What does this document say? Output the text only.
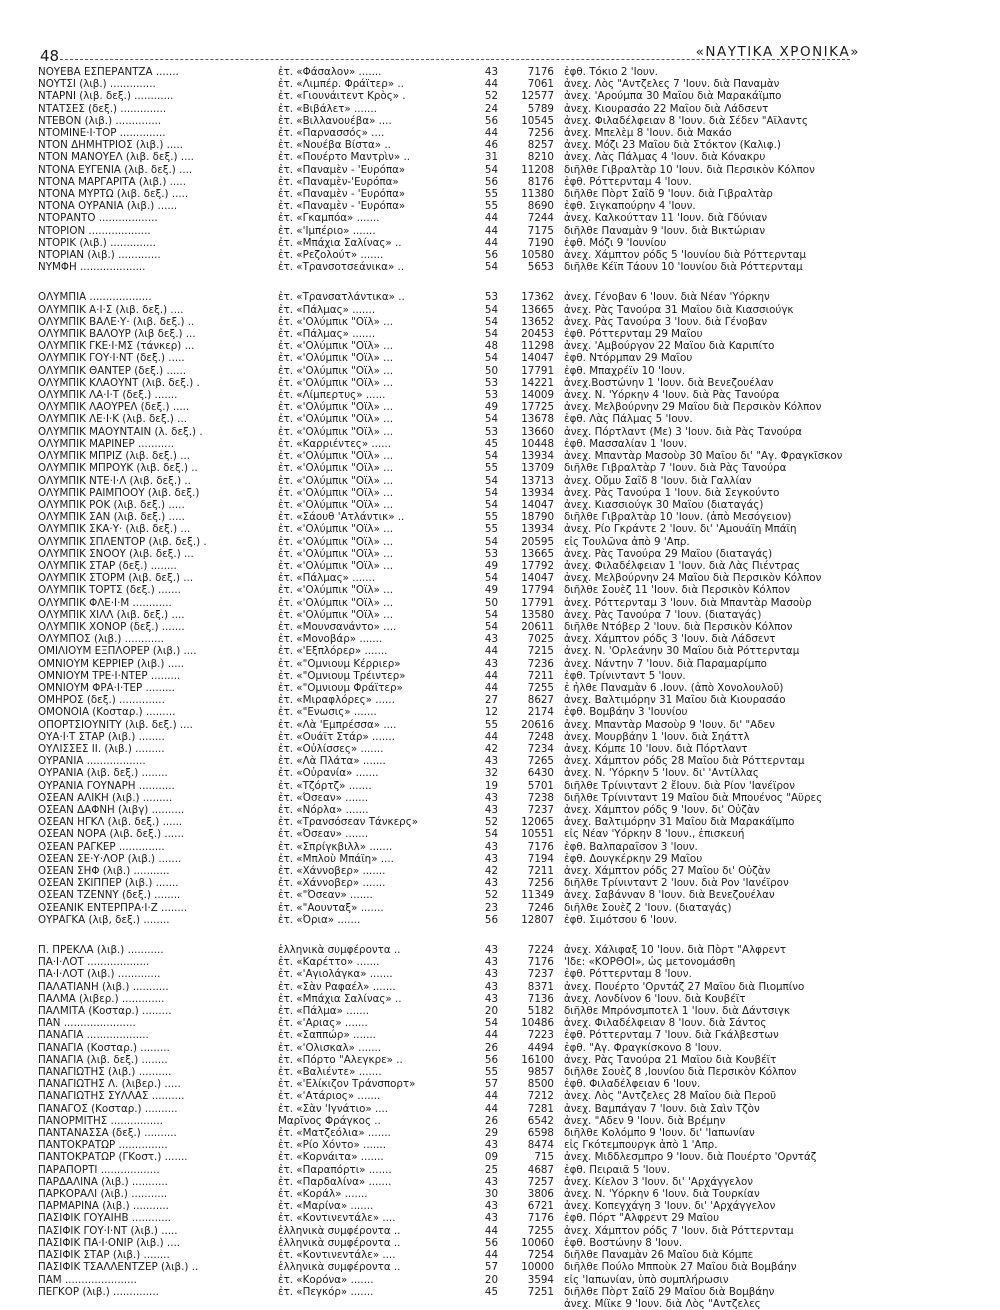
48	«ΝΑΥΤΙΚΑ ΧΡΟΝΙΚΑ»
ΝΟΥΕΒΑ ΕΣΠΕΡΑΝΤΖΑ .......	ἐτ. «Φάσαλον» .......	43	7176	ἐφθ. Τόκιο 2 'Ιουν.
ΝΟΥΤΣΙ (λιβ.) ..............	ἐτ. «Λιμπέρ. Φράϊτερ» ..	44	7061	ἀνεχ. Λὸς "Αντζελες 7 'Ιουν. διὰ Παναμὰν
ΝΤΑΡΝΙ (λιβ. δεξ.) ............	ἐτ. «Γιουνάιτεντ Κρὸς» .	52	12577	ἀνεχ. 'Αρούμπα 30 Μαΐου διὰ Μαρακάϊμπο
ΝΤΑΤΣΕΣ (δεξ.) ..............	ἐτ. «Βιβάλετ» .......	24	5789	ἀνεχ. Κιουρασάο 22 Μαΐου διὰ Λάδσεντ
ΝΤΕΒΟΝ (λιβ.) ..............	ἐτ. «Βιλλανουέβα» ....	56	10545	ἀνεχ. Φιλαδέλφειαν 8 'Ιουν. διὰ Σέδεν "Αϊλαντς
ΝΤΟΜΙΝΕ·Ι·ΤΟΡ ..............	ἐτ. «Παρνασσός» ....	44	7256	ἀνεχ. Μπελὲμ 8 'Ιουν. διὰ Μακάο
ΝΤΟΝ ΔΗΜΗΤΡΙΟΣ (λιβ.) .....	ἐτ. «Νουέβα Βίστα» ..	46	8257	ἀνεχ. Μόζι 23 Μαΐου διὰ Στόκτον (Καλιφ.)
ΝΤΟΝ ΜΑΝΟΥΕΛ (λιβ. δεξ.) ....	ἐτ. «Πουέρτο Μαντρὶν» ..	31	8210	ἀνεχ. Λὰς Πάλμας 4 'Ιουν. διὰ Κόνακρυ
ΝΤΟΝΑ ΕΥΓΕΝΙΑ (λιβ. δεξ.) ....	ἐτ. «Παναμὲν - 'Ευρόπα»	54	11208	διῆλθε Γιβραλτὰρ 10 'Ιουν. διὰ Περσικὸν Κόλπον
ΝΤΟΝΑ ΜΑΡΓΑΡΙΤΑ (λιβ.) .....	ἐτ. «Παναμὲν-'Ευρόπα»	56	8176	ἐφθ. Ρόττερνταμ 4 'Ιουν.
ΝΤΟΝΑ ΜΥΡΤΩ (λιβ. δεξ.) .....	ἐτ. «Παναμὲν - 'Ευρόπα»	55	11380	διῆλθε Πὸρτ Σαῒδ 9 'Ιουν. διὰ Γιβραλτὰρ
ΝΤΟΝΑ ΟΥΡΑΝΙΑ (λιβ.) ......	ἐτ. «Παναμὲν - 'Ευρόπα»	55	8690	ἐφθ. Σιγκαπούρην 4 'Ιουν.
ΝΤΟΡΑΝΤΟ ..................	ἐτ. «Γκαμπόα» .......	44	7244	ἀνεχ. Καλκούτταν 11 'Ιουν. διὰ Γδύνιαν
ΝΤΟΡΙΟΝ ...................	ἐτ. «'Ιμπέριο» .......	44	7175	διῆλθε Παναμὰν 9 'Ιουν. διὰ Βικτώριαν
ΝΤΟΡΙΚ (λιβ.) ..............	ἐτ. «Μπάχια Σαλίνας» ..	44	7190	ἐφθ. Μόζι 9 'Ιουνίου
ΝΤΟΡΙΑΝ (λιβ.) .............	ἐτ. «Ρεζολούτ» .......	56	10580	ἀνεχ. Χάμπτον ρόδς 5 'Ιουνίου διὰ Ρόττερνταμ
ΝΥΜΦΗ ....................	ἐτ. «Τρανσοτσεάνικα» ..	54	5653	διῆλθε Κέϊπ Τάουν 10 'Ιουνίου διὰ Ρόττερνταμ

ΟΛΥΜΠΙΑ ...................	ἐτ. «Τρανσατλάντικα» ..	53	17362	ἀνεχ. Γένοβαν 6 'Ιουν. διὰ Νέαν 'Υόρκην
ΟΛΥΜΠΙΚ Α·Ι·Σ (λιβ. δεξ.) ....	ἐτ. «Πάλμας» .......	54	13665	ἀνεχ. Ρὰς Τανούρα 31 Μαΐου διὰ Κιασσιούγκ
ΟΛΥΜΠΙΚ ΒΑΛΕ·Υ· (λιβ. δεξ.) ..	ἐτ. «'Ολύμπικ "Οϊλ» ...	54	13652	ἀνεχ. Ρὰς Τανούρα 3 'Ιουν. διὰ Γένοβαν
ΟΛΥΜΠΙΚ ΒΑΛΟΥΡ (λιβ δεξ.) ...	ἐτ. «Πάλμας» .......	54	20453	ἐφθ. Ρόττερνταμ 29 Μαΐου
ΟΛΥΜΠΙΚ ΓΚΕ·Ι·ΜΣ (τάνκερ) ...	ἐτ. «'Ολύμπικ "Οϊλ» ...	48	11298	ἀνεχ. 'Αμβούργον 22 Μαΐου διὰ Καριπίτο
ΟΛΥΜΠΙΚ ΓΟΥ·Ι·ΝΤ (δεξ.) .....	ἐτ. «'Ολύμπικ "Οϊλ» ...	54	14047	ἐφθ. Ντόρμπαν 29 Μαΐου
ΟΛΥΜΠΙΚ ΘΑΝΤΕΡ (δεξ.) ......	ἐτ. «'Ολύμπικ "Οϊλ» ...	50	17791	ἐφθ. Μπαχρέϊν 10 'Ιουν.
ΟΛΥΜΠΙΚ ΚΛΑΟΥΝΤ (λιβ. δεξ.) .	ἐτ. «'Ολύμπικ "Οϊλ» ...	53	14221	ἀνεχ.Βοστώνην 1 'Ιουν. διὰ Βενεζουέλαν
ΟΛΥΜΠΙΚ ΛΑ·Ι·Τ (δεξ.) .......	ἐτ. «Λίμπερτυς» ......	53	14009	ἀνεχ. Ν. 'Υόρκην 4 'Ιουν. διὰ Ρὰς Τανούρα
ΟΛΥΜΠΙΚ ΛΑΟΥΡΕΛ (δεξ.) .....	ἐτ. «'Ολύμπικ "Οϊλ» ...	49	17725	ἀνεχ. Μελβούρνην 29 Μαΐου διὰ Περσικὸν Κόλπον
ΟΛΥΜΠΙΚ ΛΕ·Ι·Κ (λιβ. δεξ.) ...	ἐτ. «'Ολύμπικ "Οϊλ» ...	54	13678	ἐφθ. Λὰς Πάλμας 5 'Ιουν.
ΟΛΥΜΠΙΚ ΜΑΟΥΝΤΑΙΝ (λ. δεξ.) .	ἐτ. «'Ολύμπικ "Οϊλ» ...	53	13660	ἀνεχ. Πόρτλαντ (Με) 3 'Ιουν. διὰ Ρὰς Τανούρα
ΟΛΥΜΠΙΚ ΜΑΡΙΝΕΡ ...........	ἐτ. «Καρριέντες» ......	45	10448	ἐφθ. Μασσαλίαν 1 'Ιουν.
ΟΛΥΜΠΙΚ ΜΠΡΙΖ (λιβ. δεξ.) ...	ἐτ. «'Ολύμπικ "Οϊλ» ...	54	13934	ἀνεχ. Μπαντὰρ Μασοὺρ 30 Μαΐου δι' "Αγ. Φραγκῖσκον
ΟΛΥΜΠΙΚ ΜΠΡΟΥΚ (λιβ. δεξ.) ..	ἐτ. «'Ολύμπικ "Οϊλ» ...	55	13709	διῆλθε Γιβραλτὰρ 7 'Ιουν. διὰ Ρὰς Τανούρα
ΟΛΥΜΠΙΚ ΝΤΕ·Ι·Λ (λιβ. δεξ.) ..	ἐτ. «'Ολύμπικ "Οϊλ» ...	54	13713	ἀνεχ. Οὔμυ Σαῒδ 8 'Ιουν. διὰ Γαλλίαν
ΟΛΥΜΠΙΚ ΡΑΙΜΠΟΟΥ (λιβ. δεξ.)	ἐτ. «'Ολύμπικ "Οϊλ» ...	54	13934	ἀνεχ. Ρὰς Τανούρα 1 'Ιουν. διὰ Σεγκούντο
ΟΛΥΜΠΙΚ ΡΟΚ (λιβ. δεξ.) .....	ἐτ. «'Ολύμπικ "Οϊλ» ...	54	14047	ἀνεχ. Κιασσιούγκ 30 Μαΐου (διαταγάς)
ΟΛΥΜΠΙΚ ΣΑΝ (λιβ. δεξ.) .....	ἐτ. «Σάουθ 'Ατλάντικ» ..	55	18790	διῆλθε Γιβραλτὰρ 10 'Ιουν. (ἀπὸ Μεσόγειον)
ΟΛΥΜΠΙΚ ΣΚΑ·Υ· (λιβ. δεξ.) ...	ἐτ. «'Ολύμπικ "Οϊλ» ...	55	13934	ἀνεχ. Ρίο Γκράντε 2 'Ιουν. δι' 'Αμουάϊη Μπάϊη
ΟΛΥΜΠΙΚ ΣΠΛΕΝΤΟΡ (λιβ. δεξ.) .	ἐτ. «'Ολύμπικ "Οϊλ» ...	54	20595	εἰς Τουλῶνα ἀπὸ 9 'Απρ.
ΟΛΥΜΠΙΚ ΣΝΟΟΥ (λιβ. δεξ.) ...	ἐτ. «'Ολύμπικ "Οϊλ» ...	53	13665	ἀνεχ. Ρὰς Τανούρα 29 Μαΐου (διαταγάς)
ΟΛΥΜΠΙΚ ΣΤΑΡ (δεξ.) ........	ἐτ. «'Ολύμπικ "Οϊλ» ...	49	17792	ἀνεχ. Φιλαδέλφειαν 1 'Ιουν. διὰ Λὰς Πιέντρας
ΟΛΥΜΠΙΚ ΣΤΟΡΜ (λιβ. δεξ.) ...	ἐτ. «Πάλμας» .......	54	14047	ἀνεχ. Μελβούρνην 24 Μαΐου διὰ Περσικὸν Κόλπον
ΟΛΥΜΠΙΚ ΤΟΡΤΣ (δεξ.) .......	ἐτ. «'Ολύμπικ "Οϊλ» ...	49	17794	διῆλθε Σουὲζ 11 'Ιουν. διὰ Περσικὸν Κόλπον
ΟΛΥΜΠΙΚ ΦΛΕ·Ι·Μ ............	ἐτ. «'Ολύμπικ "Οϊλ» ...	50	17791	ἀνεχ. Ρόττερνταμ 3 'Ιουν. διὰ Μπαντὰρ Μασοὺρ
ΟΛΥΜΠΙΚ ΧΙΛΛ (λιβ. δεξ.) ....	ἐτ. «'Ολύμπικ "Οϊλ» ...	54	13580	ἀνεχ. Ρὰς Τανούρα 7 'Ιουν. (διαταγάς)
ΟΛΥΜΠΙΚ ΧΟΝΟΡ (δεξ.) .......	ἐτ. «Μουνσανάντο» ....	54	20611	διῆλθε Ντόβερ 2 'Ιουν. διὰ Περσικὸν Κόλπον
ΟΛΥΜΠΟΣ (λιβ.) ............	ἐτ. «Μονοβάρ» .......	43	7025	ἀνεχ. Χάμπτον ρόδς 3 'Ιουν. διὰ Λάδσεντ
ΟΜΙΛΙΟΥΜ ΕΞΠΛΟΡΕΡ (λιβ.) ....	ἐτ. «'Εξπλόρερ» .......	44	7215	ἀνεχ. Ν. 'Ορλεάνην 30 Μαΐου διὰ Ρόττερνταμ
ΟΜΝΙΟΥΜ ΚΕΡΡΙΕΡ (λιβ.) .....	ἐτ. «"Ομνιουμ Κέρριερ»	43	7236	ἀνεχ. Νάντην 7 'Ιουν. διὰ Παραμαρίμπο
ΟΜΝΙΟΥΜ ΤΡΕ·Ι·ΝΤΕΡ .........	ἐτ. «"Ομνιουμ Τρέιντερ»	44	7211	ἐφθ. Τρίνινταντ 5 'Ιουν.
ΟΜΝΙΟΥΜ ΦΡΑ·Ι·ΤΕΡ .........	ἐτ. «"Ομνιουμ Φράϊτερ»	44	7255	ἐ ἦλθε Παναμὰν 6 .Ιουν. (ἀπὸ Χονολουλοῦ)
ΟΜΗΡΟΣ (δεξ.) ..............	ἐτ. «Μιραφλόρες» ......	27	8627	ἀνεχ. Βαλτιμόρην 31 Μαΐου διὰ Κιουρασάο
ΟΜΟΝΟΙΑ (Κοσταρ.) .........	ἐτ. «"Ενωσις» .......	12	2174	ἐφθ. Βομβάην 3 'Ιουνίου
ΟΠΟΡΤΣΙΟΥΝΙΤΥ (λιβ. δεξ.) ....	ἐτ. «Λὰ 'Εμπρέσσα» ....	55	20616	ἀνεχ. Μπαντὰρ Μασοὺρ 9 'Ιουν. δι' "Αδεν
ΟΥΑ·Ι·Τ ΣΤΑΡ (λιβ.) ........	ἐτ. «Ουάϊτ Στάρ» .......	44	7248	ἀνεχ. Μουρβάην 1 'Ιουν. διὰ Σηάττλ
ΟΥΛΙΣΣΕΣ ΙΙ. (λιβ.) .........	ἐτ. «Οὐλίσσες» .......	42	7234	ἀνεχ. Κόμπε 10 'Ιουν. διὰ Πόρτλαντ
ΟΥΡΑΝΙΑ ..................	ἐτ. «Λὰ Πλάτα» .......	43	7265	ἀνεχ. Χάμπτον ρόδς 28 Μαΐου διὰ Ρόττερνταμ
ΟΥΡΑΝΙΑ (λιβ. δεξ.) ........	ἐτ. «Οὐρανία» .......	32	6430	ἀνεχ. Ν. 'Υόρκην 5 'Ιουν. δι' 'Αντίλλας
ΟΥΡΑΝΙΑ ΓΟΥΝΑΡΗ ...........	ἐτ. «Τζόρτζ» .......	19	5701	διῆλθε Τρίνινταντ 2 ἔΙουν. διὰ Ρίον 'Ιανέϊρον
ΟΣΕΑΝ ΑΛΙΚΗ (λιβ.) .........	ἐτ. «Όσεαν» .......	43	7238	διῆλθε Τρίνινταντ 19 Μαΐου διὰ Μπουένος "Αϋρες
ΟΣΕΑΝ ΔΑΦΝΗ (λιβγ) ..........	ἐτ. «Νόρλα» .......	43	7237	ἀνεχ. Χάμπτον ρόδς 9 'Ιουν. δι' Οὐζὰν
ΟΣΕΑΝ ΗΓΚΛ (λιβ. δεξ.) ......	ἐτ. «Τρανσόσεαν Τάνκερς»	52	12065	ἀνεχ. Βαλτιμόρην 31 Μαΐου διὰ Μαρακάϊμπο
ΟΣΕΑΝ ΝΟΡΑ (λιβ. δεξ.) ......	ἐτ. «Όσεαν» .......	54	10551	εἰς Νέαν 'Υόρκην 8 'Ιουν., ἐπισκευή
ΟΣΕΑΝ ΡΑΓΚΕΡ ..............	ἐτ. «Σπρίγκβιλλ» .......	43	7176	ἐφθ. Βαλπαραΐσον 3 'Ιουν.
ΟΣΕΑΝ ΣΕ·Υ·ΛΟΡ (λιβ.) .......	ἐτ. «Μπλοὺ Μπάϊη» ....	43	7194	ἐφθ. Δουγκέρκην 29 Μαΐου
ΟΣΕΑΝ ΣΗΦ (λιβ.) ...........	ἐτ. «Χάννοβερ» .......	42	7211	ἀνεχ. Χάμπτον ρόδς 27 Μαΐου δι' Οὐζὰν
ΟΣΕΑΝ ΣΚΙΠΠΕΡ (λιβ.) .......	ἐτ. «Χάννοβερ» .......	43	7256	διῆλθε Τρίνινταντ 2 'Ιουν. διὰ Ρον 'Ιανέϊρον
ΟΣΕΑΝ ΤΖΕΝΝΥ (δεξ.) ........	ἐτ. «"Όσεαν» .......	52	11349	ἀνεχ. Σαβάνναν 8 'Ιουν. διὰ Βενεζουέλαν
ΟΣΕΑΝΙΚ ΕΝΤΕΡΠΡΑ·Ι·Ζ ........	ἐτ. «"Αουνταξ» .......	23	7246	διῆλθε Σουὲζ 2 'Ιουν. (διαταγάς)
ΟΥΡΑΓΚΑ (λιβ, δεξ.) ........	ἐτ. «Όρια» .......	56	12807	ἐφθ. Σιμότσου 6 'Ιουν.

Π. ΠΡΕΚΛΑ (λιβ.) ...........	ἑλληνικὰ συμφέροντα ..	43	7224	ἀνεχ. Χάλιφαξ 10 'Ιουν. διὰ Πὸρτ "Αλφρεντ
ΠΑ·Ι·ΛΟΤ ...................	ἐτ. «Καρέττο» .......	43	7176	'Ιδε: «ΚΟΡΘΟΙ», ὡς μετονομάσθη
ΠΑ·Ι·ΛΟΤ (λιβ.) .............	ἐτ. «'Αγιολάγκα» .......	43	7237	ἐφθ. Ρόττερνταμ 8 'Ιουν.
ΠΑΛΑΤΙΑΝΗ (λιβ.) ...........	ἐτ. «Σὰν Ραφαέλ» .......	43	8371	ἀνεχ. Πουέρτο 'Ορντάζ 27 Μαΐου διὰ Πιομπίνο
ΠΑΛΜΑ (λιβερ.) .............	ἐτ. «Μπάχια Σαλίνας» ..	43	7136	ἀνεχ. Λονδίνον 6 'Ιουν. διὰ Κουβέϊτ
ΠΑΛΜΙΤΑ (Κοσταρ.) .........	ἐτ. «Πάλμα» .......	20	5182	διῆλθε Μπρόνσμποτελ 1 'Ιουν. διὰ Δάντσιγκ
ΠΑΝ ......................	ἐτ. «'Αριας» .......	54	10486	ἀνεχ. Φιλαδέλφειαν 8 'Ιουν. διὰ Σάντος
ΠΑΝΑΓΙΑ ...................	ἐτ. «Σαππώρ» .......	44	7223	ἐφθ. Ρόττερνταμ 7 'Ιουν. διὰ Γκάλβεστων
ΠΑΝΑΓΙΑ (Κοσταρ.) .........	ἐτ. «'Ολισκαλ» .......	26	4494	ἐφθ. "Αγ. Φραγκίσκονο 8 'Ιουν.
ΠΑΝΑΓΙΑ (λιβ. δεξ.) ........	ἐτ. «Πόρτο "Αλεγκρε» ..	56	16100	ἀνεχ. Ρὰς Τανούρα 21 Μαΐου διὰ Κουβέϊτ
ΠΑΝΑΓΙΩΤΗΣ (λιβ.) ..........	ἐτ. «Βαλιέντε» .......	55	9857	διῆλθε Σουὲζ 8 ,Ιουνίου διὰ Περσικὸν Κόλπον
ΠΑΝΑΓΙΩΤΗΣ Λ. (λιβερ.) .....	ἐτ. «'Ελίκιζον Τράνσπορτ»	57	8500	ἐφθ. Φιλαδέλφειαν 6 'Ιουν.
ΠΑΝΑΓΙΩΤΗΣ ΣΥΛΛΑΣ ..........	ἐτ. «'Ατάριος» .......	44	7212	ἀνεχ. Λὸς "Αντζελες 28 Μαΐου διὰ Περοῦ
ΠΑΝΑΓΟΣ (Κοσταρ.) ..........	ἐτ. «Σὰν 'Ιγνάτιο» ....	44	7281	ἀνεχ. Βαμπάγαν 7 'Ιουν. διὰ Σαὶν Τζὸν
ΠΑΝΟΡΜΙΤΗΣ ................	Μαρῖνος Φράγκος ..	26	6542	ἀνεχ. "Αδεν 9 'Ιουν. διὰ Βρέμην
ΠΑΝΤΑΝΑΣΣΑ (δεξ.) ..........	ἐτ. «Ματζεόλια» .......	29	6598	διῆλθε Κολόμπο 9 'Ιουν. δι' 'Ιαπωνίαν
ΠΑΝΤΟΚΡΑΤΩΡ ...............	ἐτ. «Ρίο Χόντο» .......	43	8474	εἰς Γκότεμπουργκ ἀπὸ 1 'Απρ.
ΠΑΝΤΟΚΡΑΤΩΡ (ΓΚοστ.) .......	ἐτ. «Κορνάιτα» .......	09	715	ἀνεχ. Μιδδλεσμπρο 9 'Ιουν. διὰ Πουέρτο 'Ορντάζ
ΠΑΡΑΠΟΡΤΙ ..................	ἐτ. «Παραπόρτι» .......	25	4687	ἐφθ. Πειραιᾶ 5 'Ιουν.
ΠΑΡΔΑΛΙΝΑ (λιβ.) ...........	ἐτ. «Παρδαλίνα» .......	43	7257	ἀνεχ. Κίελον 3 'Ιουν. δι' 'Αρχάγγελον
ΠΑΡΚΟΡΑΛΙ (λιβ.) ...........	ἐτ. «Κοράλ» .......	30	3806	ἀνεχ. Ν. 'Υόρκην 6 'Ιουν. διὰ Τουρκίαν
ΠΑΡΜΑΡΙΝΑ (λιβ.) ...........	ἐτ. «Μαρίνα» .......	43	6721	ἀνεχ. Κοπεγχάγη 3 'Ιουν. δι' 'Αρχάγγελον
ΠΑΣΙΦΙΚ ΓΟΥΑΙΗΒ ............	ἐτ. «Κοντινεντάλε» ....	43	7176	ἐφθ. Πόρτ "Αλφρεντ 29 Μαΐου
ΠΑΣΙΦΙΚ ΓΟΥ·Ι·ΝΤ (λιβ.) .....	ἑλληνικὰ συμφέροντα ..	44	7255	ἀνεχ. Χάμπτον ρόδς 7 'Ιουν. διὰ Ρόττερνταμ
ΠΑΣΙΦΙΚ ΠΑ·Ι·ΟΝΙΡ (λιβ.) ....	ἑλληνικὰ συμφέροντα ..	56	10060	ἐφθ. Βοστώνην 8 'Ιουν.
ΠΑΣΙΦΙΚ ΣΤΑΡ (λιβ.) ........	ἐτ. «Κοντινεντάλε» ....	44	7254	διῆλθε Παναμὰν 26 Μαΐου διὰ Κόμπε
ΠΑΣΙΦΙΚ ΤΣΑΛΛΕΝΤΖΕΡ (λιβ.) ..	ἑλληνικὰ συμφέροντα ..	57	10000	διῆλθε Πούλο Μπποὺκ 27 Μαΐου διὰ Βομβάην
ΠΑΜ ......................	ἐτ. «Κορόνα» .......	20	3594	εἰς 'Ιαπωνίαν, ὑπὸ συμπλήρωσιν
ΠΕΓΚΟΡ (λιβ.) ..............	ἐτ. «Πεγκόρ» .......	45	7251	διῆλθε Πὸρτ Σαῒδ 29 Μαΐου διὰ Βομβάην
				ἀνεχ. Μίϊκε 9 'Ιουν. διὰ Λὸς "Αντζελες
